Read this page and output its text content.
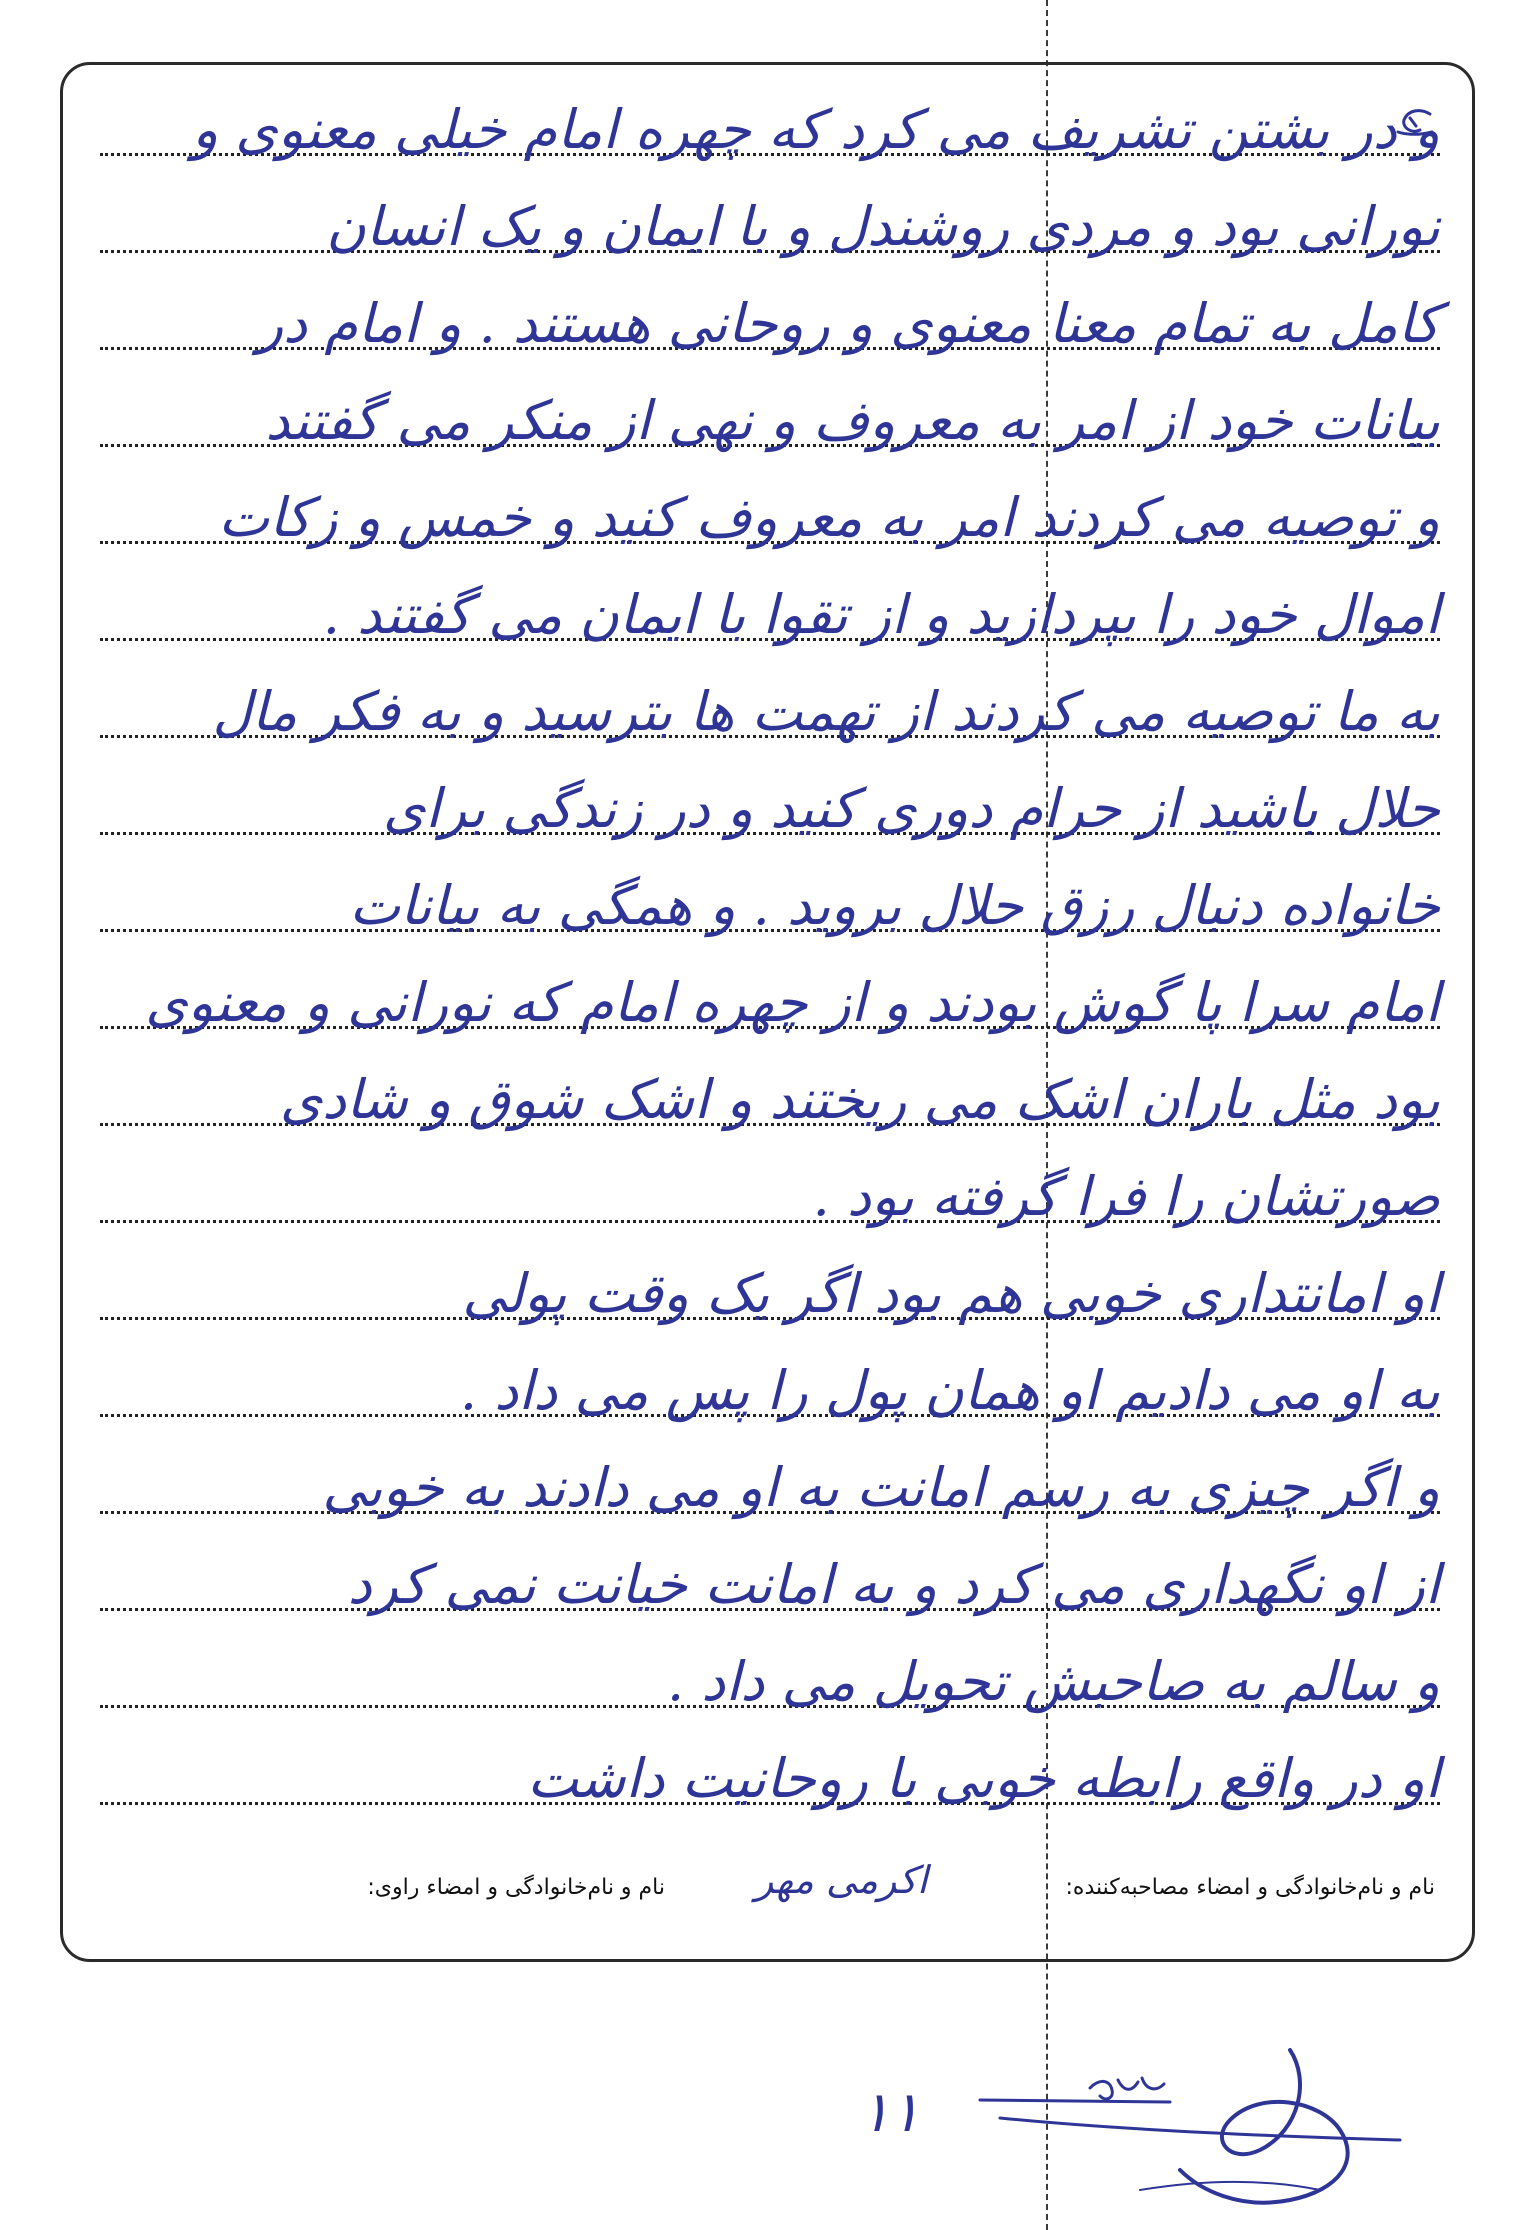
و در بشتن تشریف می کرد که چهره امام خیلی معنوی و
نورانی بود و مردی روشندل و با ایمان و یک انسان
کامل به تمام معنا معنوی و روحانی هستند . و امام در
بیانات خود از امر به معروف و نهی از منکر می گفتند
و توصیه می کردند امر به معروف کنید و خمس و زکات
اموال خود را بپردازید و از تقوا با ایمان می گفتند .
به ما توصیه می کردند از تهمت ها بترسید و به فکر مال
حلال باشید از حرام دوری کنید و در زندگی برای
خانواده دنبال رزق حلال بروید . و همگی به بیانات
امام سرا پا گوش بودند و از چهره امام که نورانی و معنوی
بود مثل باران اشک می ریختند و اشک شوق و شادی
صورتشان را فرا گرفته بود .
او امانتداری خوبی هم بود اگر یک وقت پولی
به او می دادیم او همان پول را پس می داد .
و اگر چیزی به رسم امانت به او می دادند به خوبی
از او نگهداری می کرد و به امانت خیانت نمی کرد
و سالم به صاحبش تحویل می داد .
او در واقع رابطه خوبی با روحانیت داشت
نام و نام‌خانوادگی و امضاء مصاحبه‌کننده:
نام و نام‌خانوادگی و امضاء راوی: اکرمی مهر
۱۱
